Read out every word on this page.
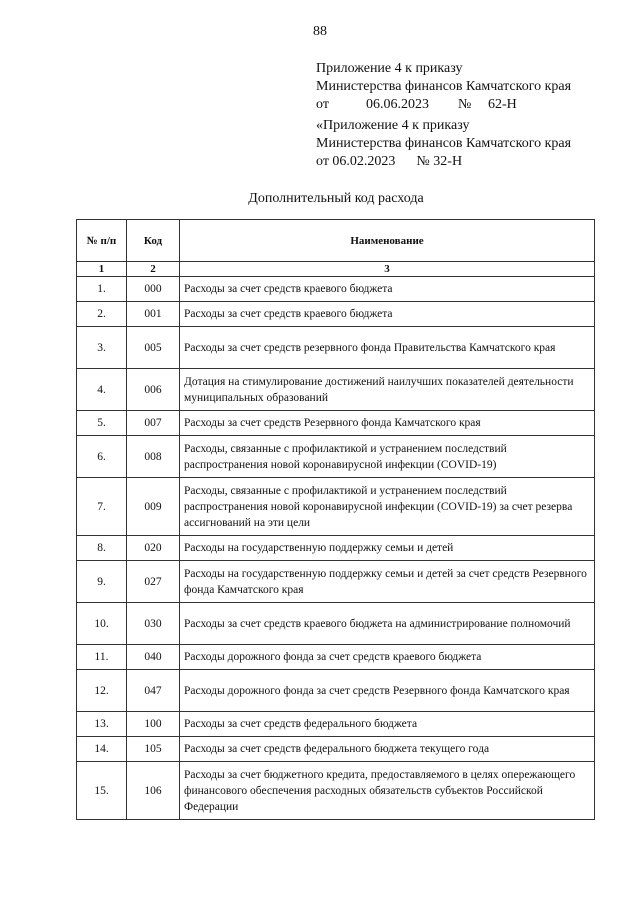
88
Приложение 4 к приказу
Министерства финансов Камчатского края
от	06.06.2023 № 62-Н
«Приложение 4 к приказу
Министерства финансов Камчатского края
от 06.02.2023      № 32-Н
Дополнительный код расхода
№ п/п	Код	Наименование
1	2	3
1.	000	Расходы за счет средств краевого бюджета
2.	001	Расходы за счет средств краевого бюджета
3.	005	Расходы за счет средств резервного фонда Правительства Камчатского края
4.	006	Дотация на стимулирование достижений наилучших показателей деятельности муниципальных образований
5.	007	Расходы за счет средств Резервного фонда Камчатского края
6.	008	Расходы, связанные с профилактикой и устранением последствий распространения новой коронавирусной инфекции (COVID-19)
7.	009	Расходы, связанные с профилактикой и устранением последствий распространения новой коронавирусной инфекции (COVID-19) за счет резерва ассигнований на эти цели
8.	020	Расходы на государственную поддержку семьи и детей
9.	027	Расходы на государственную поддержку семьи и детей за счет средств Резервного фонда Камчатского края
10.	030	Расходы за счет средств краевого бюджета на администрирование полномочий
11.	040	Расходы дорожного фонда за счет средств краевого бюджета
12.	047	Расходы дорожного фонда за счет средств Резервного фонда Камчатского края
13.	100	Расходы за счет средств федерального бюджета
14.	105	Расходы за счет средств федерального бюджета текущего года
15.	106	Расходы за счет бюджетного кредита, предоставляемого в целях опережающего финансового обеспечения расходных обязательств субъектов Российской Федерации
